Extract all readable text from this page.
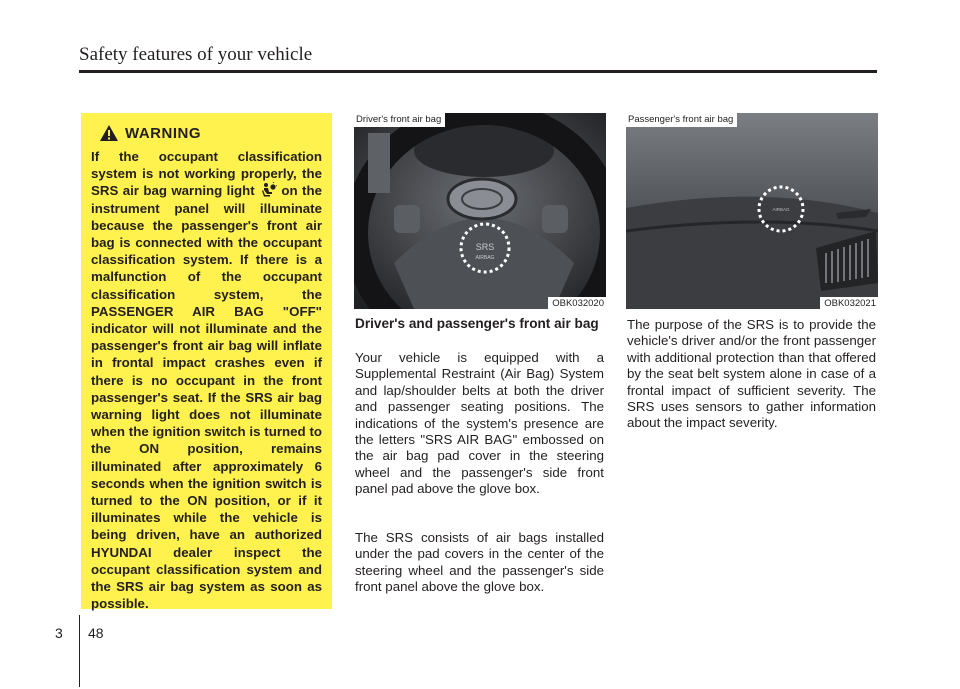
Safety features of your vehicle
WARNING
If the occupant classification system is not working properly, the SRS air bag warning light  on the instrument panel will illuminate because the passenger's front air bag is connected with the occupant classification system. If there is a malfunction of the occupant classification system, the PASSENGER AIR BAG "OFF" indicator will not illuminate and the passenger's front air bag will inflate in frontal impact crashes even if there is no occupant in the front passenger's seat. If the SRS air bag warning light does not illuminate when the ignition switch is turned to the ON position, remains illuminated after approximately 6 seconds when the ignition switch is turned to the ON position, or if it illuminates while the vehicle is being driven, have an authorized HYUNDAI dealer inspect the occupant classification system and the SRS air bag system as soon as possible.
SRS
AIRBAG
Driver's front air bag
OBK032020
AIRBAG
Passenger's front air bag
OBK032021
Driver's and passenger's front air bag

Your vehicle is equipped with a Supplemental Restraint (Air Bag) System and lap/shoulder belts at both the driver and passenger seating positions. The indications of the system's presence are the letters "SRS AIR BAG" embossed on the air bag pad cover in the steering wheel and the passenger's side front panel pad above the glove box.

The SRS consists of air bags installed under the pad covers in the center of the steering wheel and the passenger's side front panel above the glove box.

The purpose of the SRS is to provide the vehicle's driver and/or the front passenger with additional protection than that offered by the seat belt system alone in case of a frontal impact of sufficient severity. The SRS uses sensors to gather information about the impact severity.

3 48
